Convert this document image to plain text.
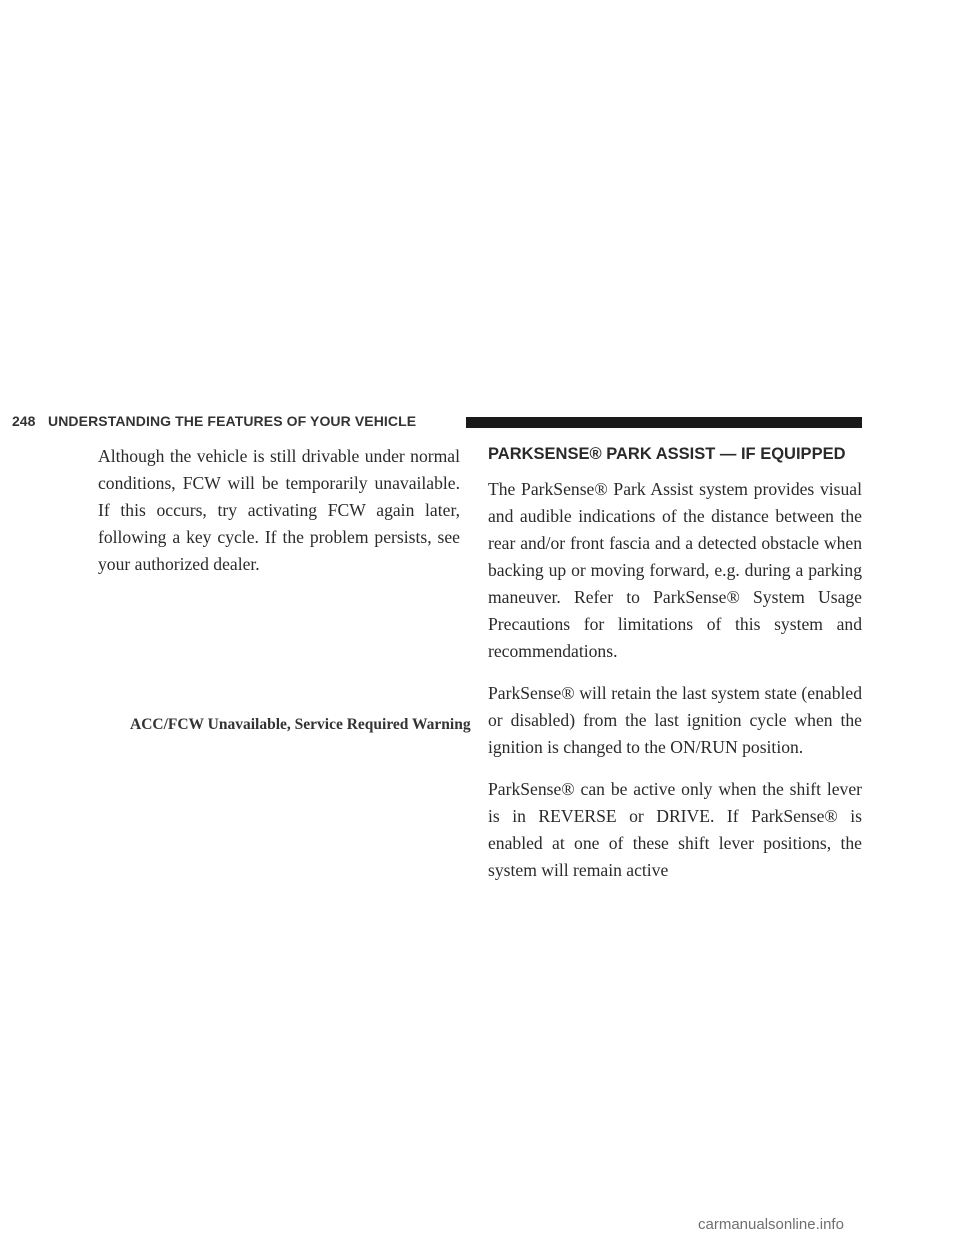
248 UNDERSTANDING THE FEATURES OF YOUR VEHICLE

Although the vehicle is still drivable under normal conditions, FCW will be temporarily unavailable. If this occurs, try activating FCW again later, following a key cycle. If the problem persists, see your authorized dealer.

ACC/FCW Unavailable, Service Required Warning
PARKSENSE® PARK ASSIST — IF EQUIPPED

The ParkSense® Park Assist system provides visual and audible indications of the distance between the rear and/or front fascia and a detected obstacle when backing up or moving forward, e.g. during a parking maneuver. Refer to ParkSense® System Usage Precautions for limitations of this system and recommendations.

ParkSense® will retain the last system state (enabled or disabled) from the last ignition cycle when the ignition is changed to the ON/RUN position.

ParkSense® can be active only when the shift lever is in REVERSE or DRIVE. If ParkSense® is enabled at one of these shift lever positions, the system will remain active

carmanualsonline.info
